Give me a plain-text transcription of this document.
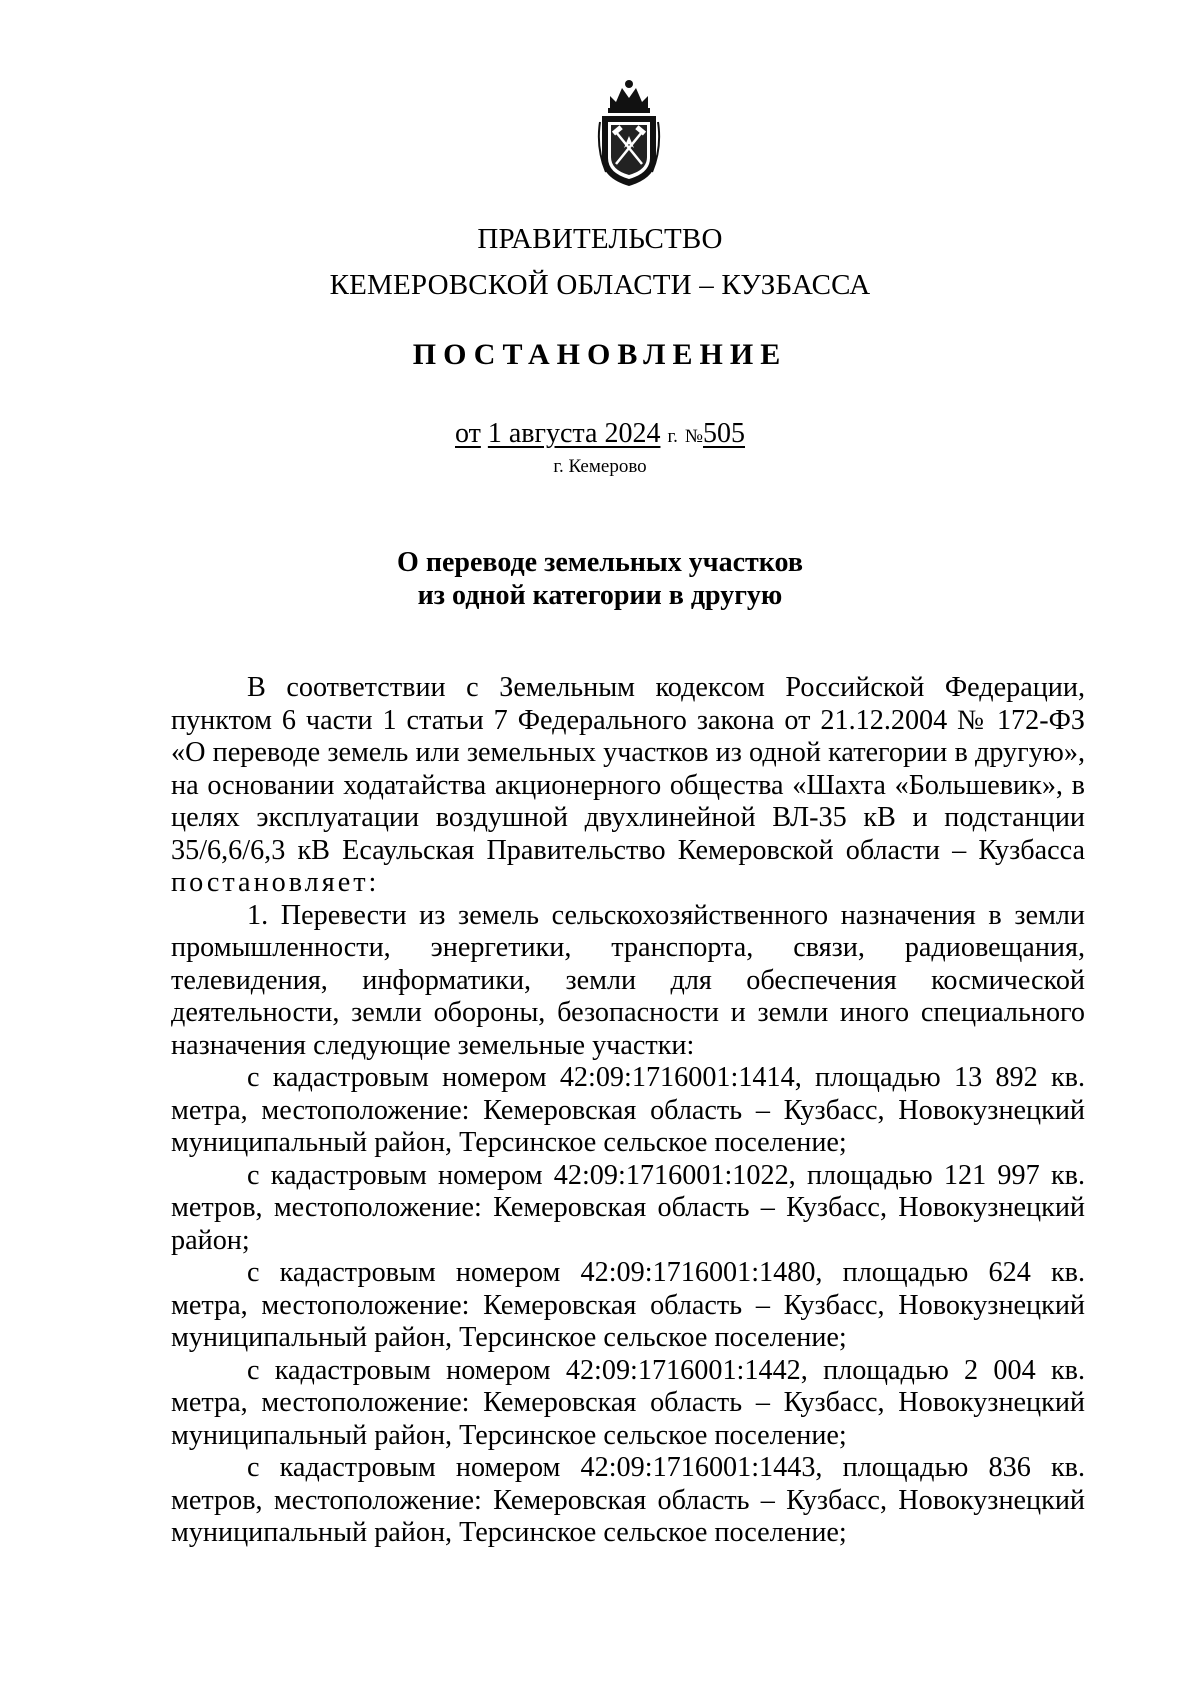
ПРАВИТЕЛЬСТВО
КЕМЕРОВСКОЙ ОБЛАСТИ – КУЗБАССА
ПОСТАНОВЛЕНИЕ
от 1 августа 2024 г. №505
г. Кемерово
О переводе земельных участков
из одной категории в другую

В соответствии с Земельным кодексом Российской Федерации, пунктом 6 части 1 статьи 7 Федерального закона от 21.12.2004 № 172-ФЗ «О переводе земель или земельных участков из одной категории в другую», на основании ходатайства акционерного общества «Шахта «Большевик», в целях эксплуатации воздушной двухлинейной ВЛ-35 кВ и подстанции 35/6,6/6,3 кВ Есаульская Правительство Кемеровской области – Кузбасса постановляет:

1. Перевести из земель сельскохозяйственного назначения в земли промышленности, энергетики, транспорта, связи, радиовещания, телевидения, информатики, земли для обеспечения космической деятельности, земли обороны, безопасности и земли иного специального назначения следующие земельные участки:

с кадастровым номером 42:09:1716001:1414, площадью 13 892 кв. метра, местоположение: Кемеровская область – Кузбасс, Новокузнецкий муниципальный район, Терсинское сельское поселение;

с кадастровым номером 42:09:1716001:1022, площадью 121 997 кв. метров, местоположение: Кемеровская область – Кузбасс, Новокузнецкий район;

с кадастровым номером 42:09:1716001:1480, площадью 624 кв. метра, местоположение: Кемеровская область – Кузбасс, Новокузнецкий муниципальный район, Терсинское сельское поселение;

с кадастровым номером 42:09:1716001:1442, площадью 2 004 кв. метра, местоположение: Кемеровская область – Кузбасс, Новокузнецкий муниципальный район, Терсинское сельское поселение;

с кадастровым номером 42:09:1716001:1443, площадью 836 кв. метров, местоположение: Кемеровская область – Кузбасс, Новокузнецкий муниципальный район, Терсинское сельское поселение;
